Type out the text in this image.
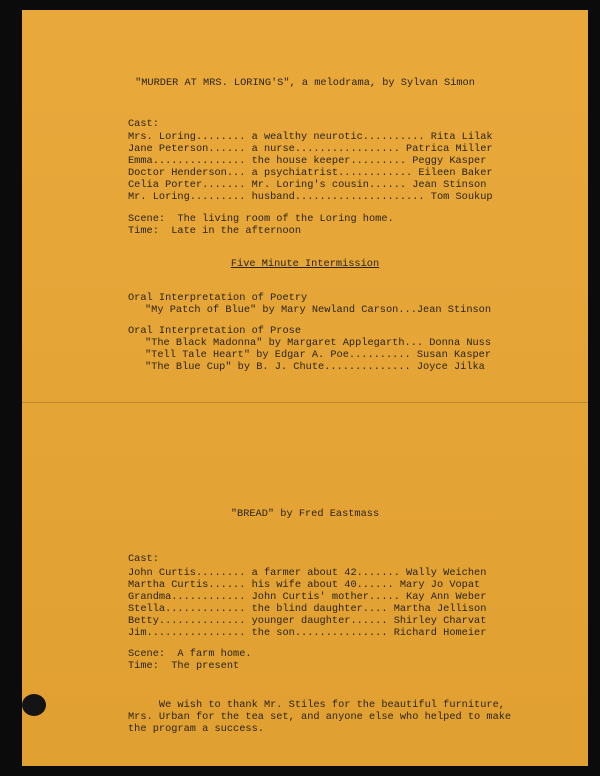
"MURDER AT MRS. LORING'S", a melodrama, by Sylvan Simon
Cast:
Mrs. Loring........ a wealthy neurotic.......... Rita Lilak
Jane Peterson...... a nurse................. Patrica Miller
Emma............... the house keeper......... Peggy Kasper
Doctor Henderson... a psychiatrist............ Eileen Baker
Celia Porter....... Mr. Loring's cousin...... Jean Stinson
Mr. Loring......... husband..................... Tom Soukup
Scene:  The living room of the Loring home.
Time:  Late in the afternoon
Five Minute Intermission
Oral Interpretation of Poetry
"My Patch of Blue" by Mary Newland Carson...Jean Stinson
Oral Interpretation of Prose
"The Black Madonna" by Margaret Applegarth... Donna Nuss
"Tell Tale Heart" by Edgar A. Poe.......... Susan Kasper
"The Blue Cup" by B. J. Chute.............. Joyce Jilka
"BREAD" by Fred Eastmass
Cast:
John Curtis........ a farmer about 42....... Wally Weichen
Martha Curtis...... his wife about 40...... Mary Jo Vopat
Grandma............ John Curtis' mother..... Kay Ann Weber
Stella............. the blind daughter.... Martha Jellison
Betty.............. younger daughter...... Shirley Charvat
Jim................ the son............... Richard Homeier
Scene:  A farm home.
Time:  The present
We wish to thank Mr. Stiles for the beautiful furniture,
Mrs. Urban for the tea set, and anyone else who helped to make
the program a success.
